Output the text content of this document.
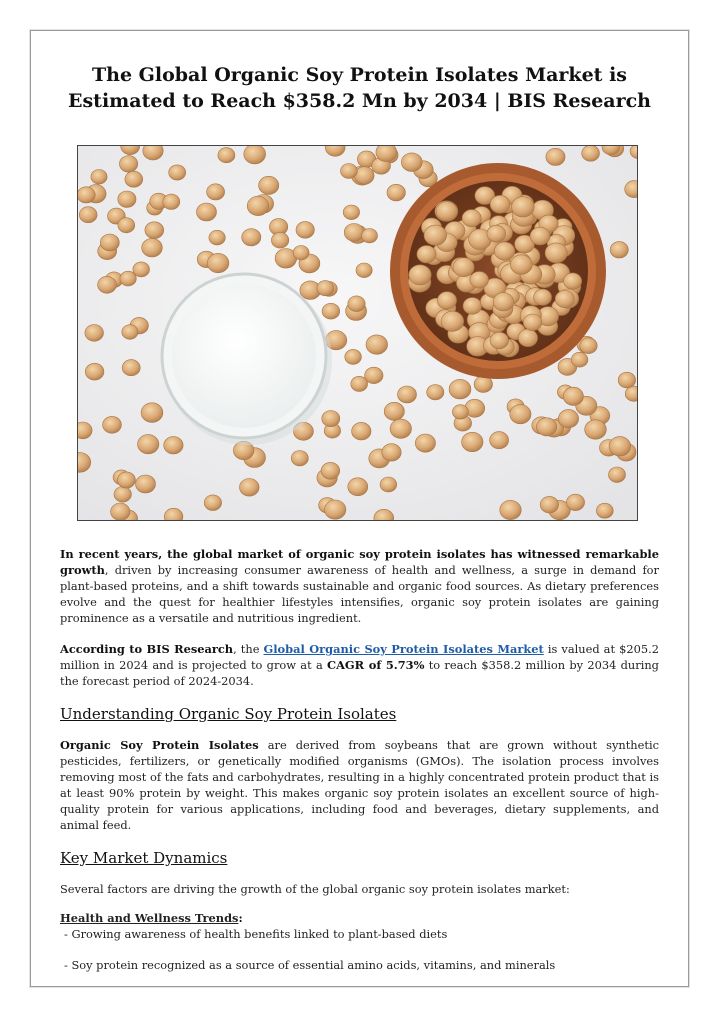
The Global Organic Soy Protein Isolates Market is Estimated to Reach $358.2 Mn by 2034 | BIS Research

In recent years, the global market of organic soy protein isolates has witnessed remarkable growth, driven by increasing consumer awareness of health and wellness, a surge in demand for plant-based proteins, and a shift towards sustainable and organic food sources. As dietary preferences evolve and the quest for healthier lifestyles intensifies, organic soy protein isolates are gaining prominence as a versatile and nutritious ingredient.

According to BIS Research, the Global Organic Soy Protein Isolates Market is valued at $205.2 million in 2024 and is projected to grow at a CAGR of 5.73% to reach $358.2 million by 2034 during the forecast period of 2024-2034.

Understanding Organic Soy Protein Isolates

Organic Soy Protein Isolates are derived from soybeans that are grown without synthetic pesticides, fertilizers, or genetically modified organisms (GMOs). The isolation process involves removing most of the fats and carbohydrates, resulting in a highly concentrated protein product that is at least 90% protein by weight. This makes organic soy protein isolates an excellent source of high-quality protein for various applications, including food and beverages, dietary supplements, and animal feed.

Key Market Dynamics

Several factors are driving the growth of the global organic soy protein isolates market:

Health and Wellness Trends:

- Growing awareness of health benefits linked to plant-based diets

- Soy protein recognized as a source of essential amino acids, vitamins, and minerals
